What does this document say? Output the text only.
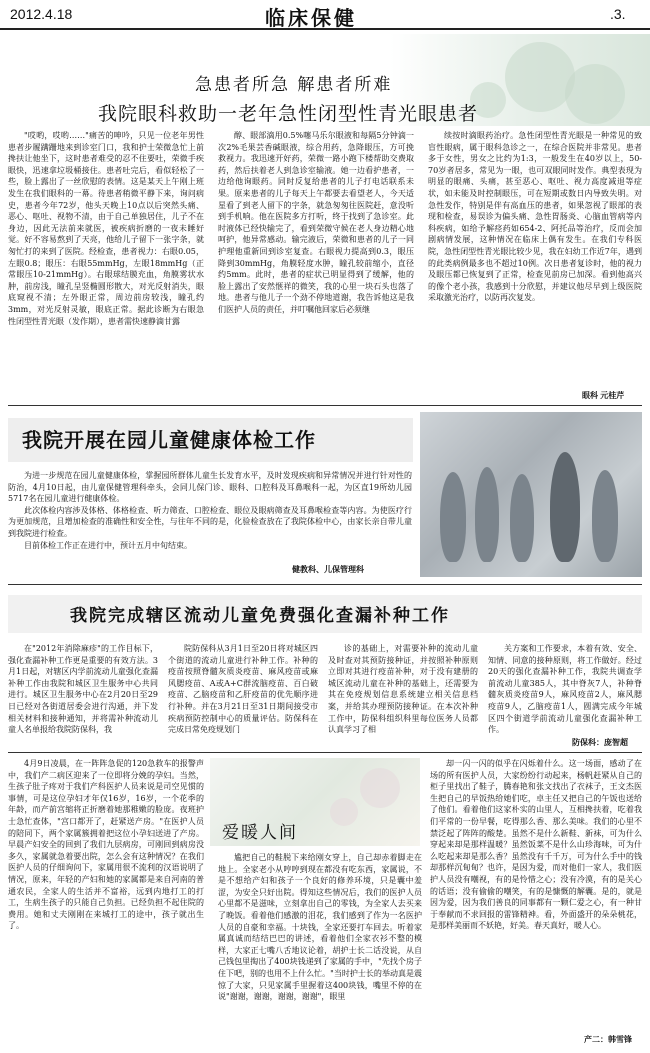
2012.4.18	临床保健	.3.
急患者所急 解患者所难
我院眼科救助一老年急性闭型性青光眼患者

"哎哟，哎哟……"痛苦的呻吟，只见一位老年男性患者步履蹒跚地来到诊室门口，我和护士荣微急忙上前搀扶让他坐下，这时患者难受的忍不住要吐，荣微手疾眼快，迅速拿垃圾桶接住。患者吐完后，看似轻松了一些，脸上露出了一丝欣慰的表情。这是某天上午刚上班发生在我们眼科的一幕。待患者稍微平静下来，询问病史，患者今年72岁，他头天晚上10点以后突然头痛、恶心、呕吐、视物不清，由于自己单独居住，儿子不在身边，因此无法前来就医，被疾病折磨的一夜未睡好觉。好不容易熬到了天亮，他给儿子留下一张字条，就匆忙打的来到了医院。经检查，患者视力：右眼0.05，左眼0.8；眼压：右眼55mmHg，左眼18mmHg（正常眼压10-21mmHg）。右眼球结膜充血，角膜雾状水肿，前房浅，瞳孔呈竖椭圆形散大，对光反射消失，眼底窥视不清；左外眼正常，周边前房较浅，瞳孔约3mm，对光反射灵敏，眼底正常。据此诊断为右眼急性闭型性青光眼（发作期），患者需快速静滴甘露

醇、眼部滴用0.5%噻马乐尔眼液和每隔5分钟滴一次2%毛果芸香碱眼液，综合用药，急降眼压，方可挽救视力。我迅速开好药，荣微一路小跑下楼帮助交费取药，然后扶着老人到急诊室输液。她一边看护患者，一边给他询眼药。同时反复给患者的儿子打电话联系未果。原来患者的儿子每天上午都要去看望老人，今天适星看了到老人留下的字条，就急匆匆往医院赶，意没听到手机响。他在医院多方打听，终于找到了急诊室。此时液体已经快输完了，看到荣微守候在老人身边精心地呵护，他异常感动。输完液后，荣微和患者的儿子一同护理他重新回到诊室复查。右眼视力提高到0.3，眼压降到30mmHg，角膜轻度水肿，瞳孔较前缩小，直径约5mm。此时，患者的症状已明显得到了缓解，他的脸上露出了安然惬祥的微笑，我的心里一块石头也落了地。患者与他儿子一个劲不停地道谢，我告诉他这是我们医护人员的责任，并叮嘱他回家后必须继

续按时滴眼药治疗。急性闭型性青光眼是一种常见的致盲性眼病，属于眼科急诊之一，在综合医院并非常见。患者多于女性，男女之比约为1:3，一般发生在40岁以上，50-70岁者居多，常见为一眼，也可双眼同时发作。典型表现为明显的眼痛、头痛，甚至恶心、呕吐、视力高度减退等症状，如未能及时控制眼压，可在短期或数日内导致失明。对急性发作，特别是伴有高血压的患者，如果忽视了眼部的表现和检查，易误诊为偏头痛、急性胃肠炎、心脑血管病等内科疾病，如给予解痉药如654-2、阿托品等治疗，反而会加剧病情发展，这种情况在临床上偶有发生。在我们专科医院，急性闭型性青光眼比较少见，我在妇幼工作近7年，遇到的此类病例最多也不超过10例。次日患者复诊时，他的视力及眼压都已恢复到了正常，检查见前房已加深。看到他高兴的像个老小孩，我感到十分欣慰，并建议他尽早到上级医院采取激光治疗，以防再次复发。

眼科 元桂芹
我院开展在园儿童健康体检工作

为进一步规范在园儿童健康体检，掌握园所群体儿童生长发育水平，及时发现疾病和异常情况并进行针对性的防治，4月10日起，由儿童保健管理科牵头，会同儿保门诊、眼科、口腔科及耳鼻喉科一起，为区直19所幼儿园5717名在园儿童进行健康体检。

此次体检内容涉及体格、体格检查、听力筛查、口腔检查、眼位及眼病筛查及耳鼻喉检查等内容。为使医疗行为更加规范，且增加检查的准确性和安全性，与往年不同的是，化验检查放在了我院体检中心，由家长亲自带儿童到我院进行检查。

目前体检工作正在进行中，预计五月中旬结束。

健教科、儿保管理科
我院完成辖区流动儿童免费强化查漏补种工作

在"2012年消除麻疹"的工作目标下，强化查漏补种工作更是重要的有效方法。3月1日起，对辖区内学前流动儿童强化查漏补种工作由我院和城区卫生服务中心共同进行。城区卫生服务中心在2月20日至29日已经对各街道居委会进行沟通，并下发相关材料和接种通知，并将需补种流动儿童人名单报给我院防保科，我

院防保科从3月1日至20日将对城区四个街道的流动儿童进行补种工作。补种的疫苗按照脊髓灰质炎疫苗、麻风疫苗或麻风腮疫苗、A或A+C群流脑疫苗、百白破疫苗、乙脑疫苗和乙肝疫苗的优先顺序进行补种。并在3月21日至31日期间接受市疾病预防控制中心的质量评估。防保科在完成日常免疫规划门

诊的基础上，对需要补种的流动儿童及时查对其预防接种证，并按照补种原则立即对其进行疫苗补种，对于没有建册的城区流动儿童在补种的基础上，还需要为其在免疫规划信息系统建立相关信息档案，并给其办理预防接种证。在本次补种工作中，防保科组织科里每位医务人员都认真学习了相

关方案和工作要求，本着有效、安全、知情、同意的接种原则，将工作做好。经过20天的强化查漏补种工作，我院共调查学前流动儿童385人，其中脊灰7人，补种脊髓灰质炎疫苗9人，麻风疫苗2人，麻风腮疫苗9人，乙脑疫苗1人，圆满完成今年城区四个街道学前流动儿童强化查漏补种工作。

防保科：庞智超

4月9日凌晨，在一阵阵急促的120急救车的报警声中，我们产二病区迎来了一位即将分娩的孕妇。当然，生孩子肚子疼对于我们产科医护人员来说是司空见惯的事情，可是这位孕妇才年仅16岁，16岁，一个花季的年龄，而产前宫缩将正折磨着她那稚嫩的脸庞。夜班护士急忙查体，"宫口都开了，赶紧送产房。"在医护人员的陪同下，两个家属簇拥着把这位小孕妇送进了产房。早晨产妇安全的回到了我们九层病房，可刚回到病房没多久，家属就急着要出院，怎么会有这种情况？在我们医护人员的仔细询问下，家属用很不流利的汉语说明了情况，原来，年轻的产妇和她的家属都是来自河南的普通农民，全家人的生活并不富裕，远到内地打工的打工，生病生孩子的只能自己负担。已经负担不起住院的费用。她和丈夫刚刚在来城打工的途中，孩子就出生了。

爱暖人间

尴把自己的鞋脱下来给刚女穿上，自己却赤着脚走在地上。全家老小从哼哼到现在都没有吃东西，家属说，不是不想给产妇和孩子一个良好的修养环境，只是囊中羞涩，为安全只好出院。得知这些情况后，我们的医护人员心里都不是滋味，立刻拿出自己的零钱，为全家人去买来了晚饭。看着他们感激的泪花，我们感到了作为一名医护人员的自豪和幸福。十块钱，全家还要打车回去。听着家属真诚而结结巴巴的讲述，看着他们全家衣衫不整的模样，大家正七嘴八舌地议论着，胡护士长二话没说，从自己钱包里掏出了400块钱递到了家属的手中，"先找个房子住下吧，别的也用不上什么忙。"当时护士长的举动真是震惊了大家，只见家属手里握着这400块钱，嘴里不停的在说"谢谢，谢谢，谢谢，谢谢"，眼里

却一闪一闪的似乎在闪烁着什么。这一场面，感动了在场的所有医护人员，大家纷纷行动起来，杨帆赶紧从自己的柜子里找出了鞋子，腾春艳和张文找出了衣袜子，王文杰医生把自己的早饭热给她们吃，卓主任又把自己的午饭也送给了他们。看着他们这家朴实的山里人，互相搀扶着，吃着我们平常的一份早餐，吃得那么香、那么美味。我们的心里不禁泛起了阵阵的酸楚。虽然不是什么新鞋、新袜，可为什么穿起来却是那样温暖？虽然饭菜不是什么山珍海味，可为什么吃起来却是那么香？虽然没有千千万，可为什么手中的钱却那样沉甸甸？也许，是因为爱，而对他们一家人，我们医护人员没有嘲视，有的是怜惜之心；没有冷漠，有的是关心的话语；没有偷偷的嘲笑，有的是慷慨的解囊。是的，就是因为爱，因为我们善良的同事都有一颗仁爱之心，有一种甘于奉献而不求回报的雷锋精神。看，外面盛开的朵朵桃花，是那样美丽而不妖艳，好美。春天真好，暖人心。

产二：韩雪锋
